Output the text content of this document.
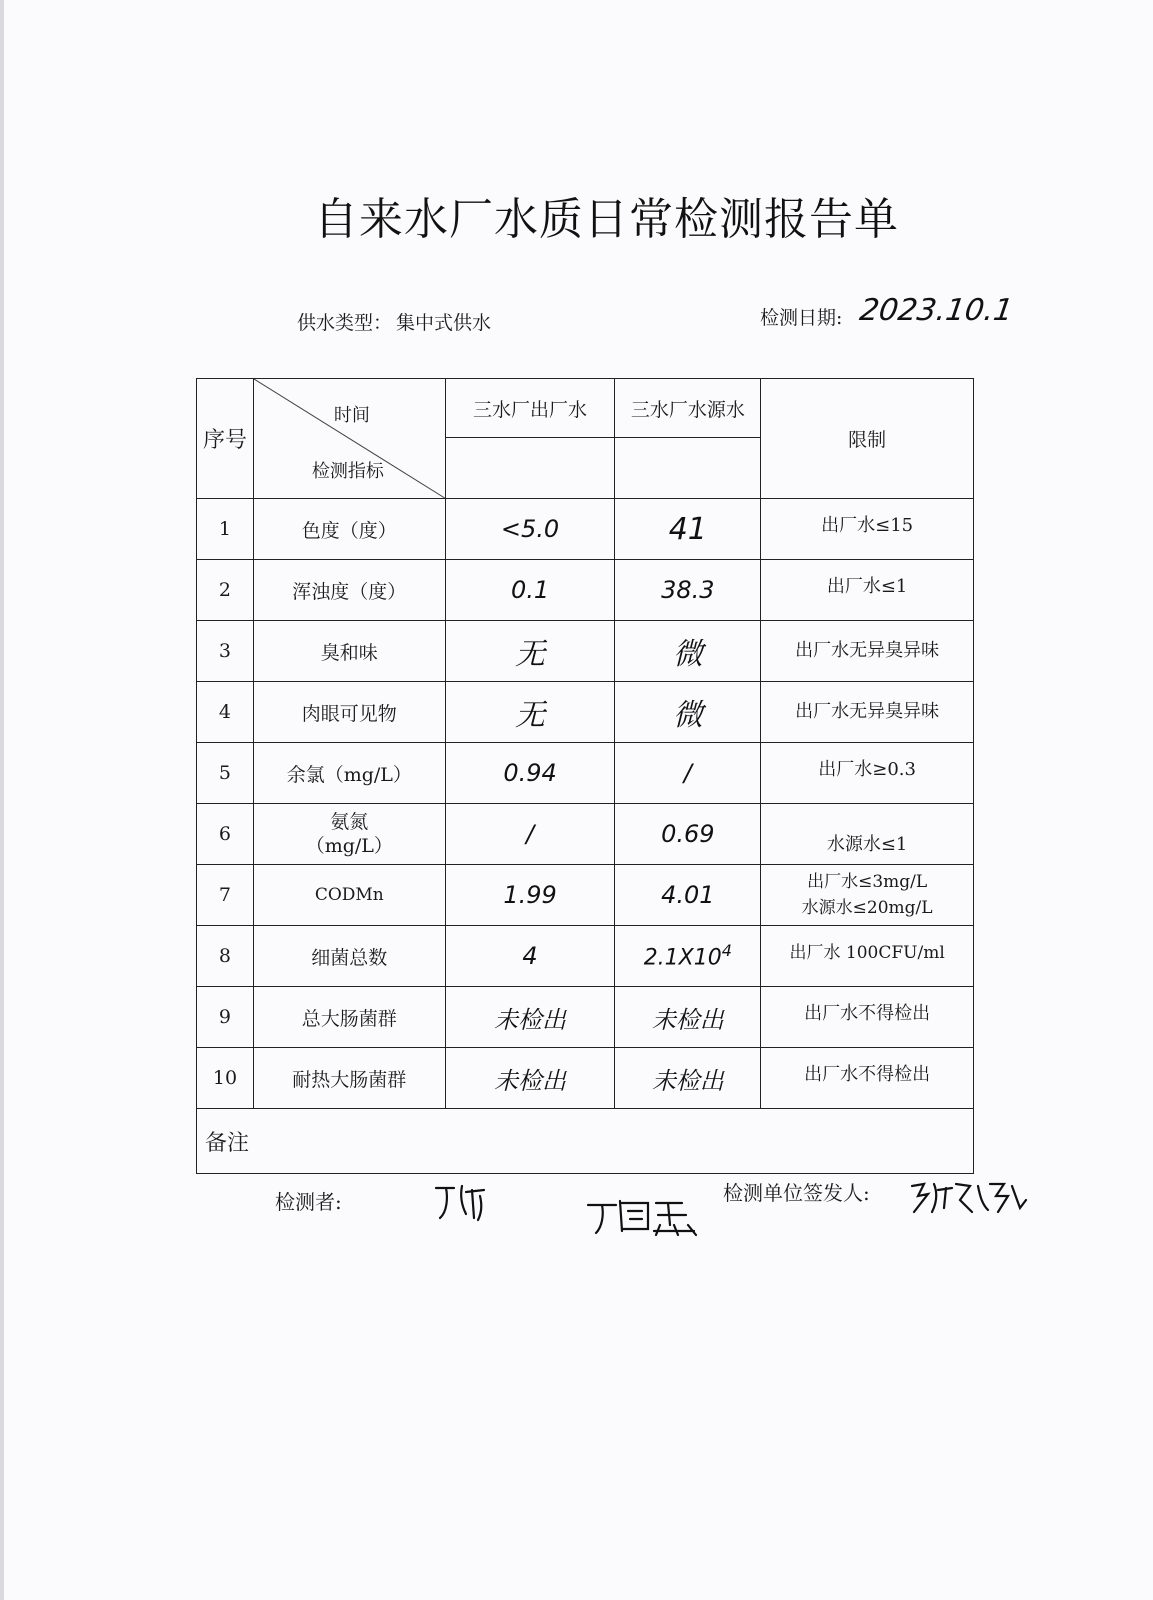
自来水厂水质日常检测报告单
供水类型： 集中式供水	检测日期: 2023.10.1
序号	时间
检测指标	三水厂出厂水	三水厂水源水	限制

1	色度（度）	<5.0	41	出厂水≤15
2	浑浊度（度）	0.1	38.3	出厂水≤1
3	臭和味	无	微	出厂水无异臭异味
4	肉眼可见物	无	微	出厂水无异臭异味
5	余氯（mg/L）	0.94	/	出厂水≥0.3
6	氨氮
（mg/L）	/	0.69	水源水≤1
7	CODMn	1.99	4.01	出厂水≤3mg/L
水源水≤20mg/L

8	细菌总数	4	$2.1X10^4$	出厂水 100CFU/ml
9	总大肠菌群	未检出	未检出	出厂水不得检出
10	耐热大肠菌群	未检出	未检出	出厂水不得检出
备注				
检测者:	检测单位签发人:
